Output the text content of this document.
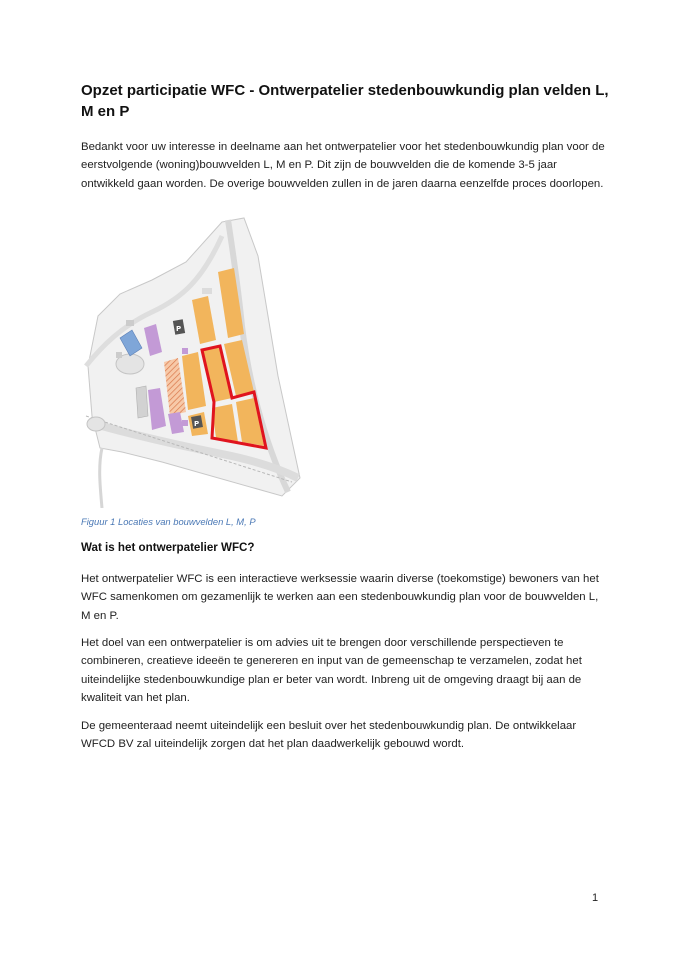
Opzet participatie WFC - Ontwerpatelier stedenbouwkundig plan velden L, M en P

Bedankt voor uw interesse in deelname aan het ontwerpatelier voor het stedenbouwkundig plan voor de eerstvolgende (woning)bouwvelden L, M en P. Dit zijn de bouwvelden die de komende 3-5 jaar ontwikkeld gaan worden. De overige bouwvelden zullen in de jaren daarna eenzelfde proces doorlopen.

P
P

Figuur 1 Locaties van bouwvelden L, M, P

Wat is het ontwerpatelier WFC?

Het ontwerpatelier WFC is een interactieve werksessie waarin diverse (toekomstige) bewoners van het WFC samenkomen om gezamenlijk te werken aan een stedenbouwkundig plan voor de bouwvelden L, M en P.

Het doel van een ontwerpatelier is om advies uit te brengen door verschillende perspectieven te combineren, creatieve ideeën te genereren en input van de gemeenschap te verzamelen, zodat het uiteindelijke stedenbouwkundige plan er beter van wordt. Inbreng uit de omgeving draagt bij aan de kwaliteit van het plan.

De gemeenteraad neemt uiteindelijk een besluit over het stedenbouwkundig plan. De ontwikkelaar WFCD BV zal uiteindelijk zorgen dat het plan daadwerkelijk gebouwd wordt.

1
